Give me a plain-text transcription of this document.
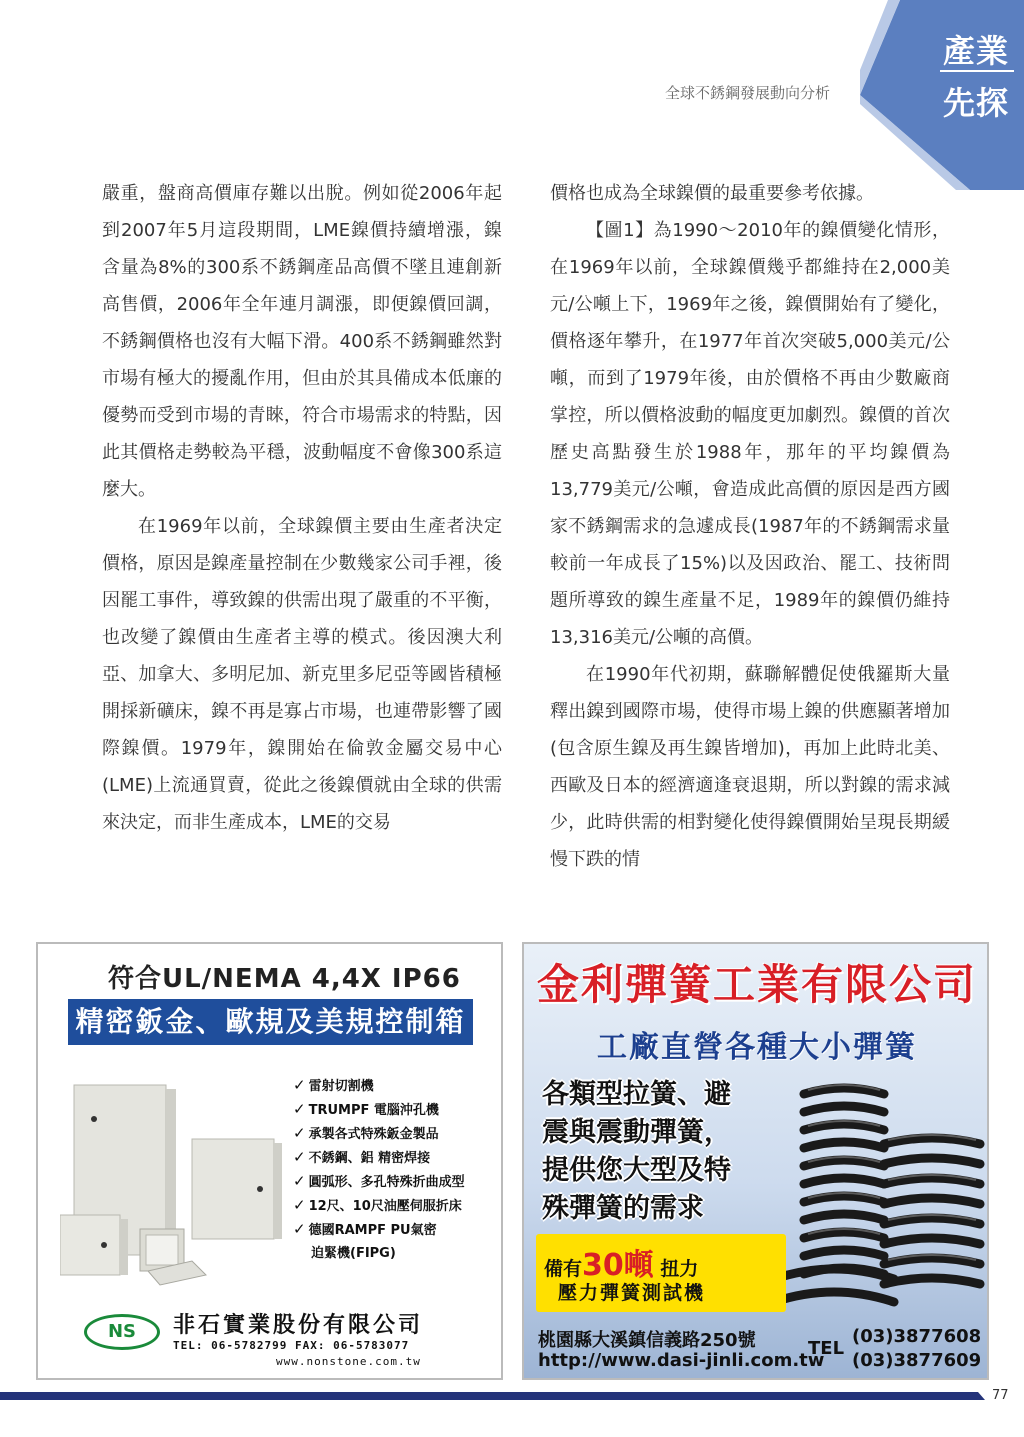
產業
先探
全球不銹鋼發展動向分析

嚴重，盤商高價庫存難以出脫。例如從2006年起到2007年5月這段期間，LME鎳價持續增漲，鎳含量為8%的300系不銹鋼產品高價不墜且連創新高售價，2006年全年連月調漲，即便鎳價回調，不銹鋼價格也沒有大幅下滑。400系不銹鋼雖然對市場有極大的擾亂作用，但由於其具備成本低廉的優勢而受到市場的青睞，符合市場需求的特點，因此其價格走勢較為平穩，波動幅度不會像300系這麼大。

在1969年以前，全球鎳價主要由生產者決定價格，原因是鎳產量控制在少數幾家公司手裡，後因罷工事件，導致鎳的供需出現了嚴重的不平衡，也改變了鎳價由生產者主導的模式。後因澳大利亞、加拿大、多明尼加、新克里多尼亞等國皆積極開採新礦床，鎳不再是寡占市場，也連帶影響了國際鎳價。1979年，鎳開始在倫敦金屬交易中心(LME)上流通買賣，從此之後鎳價就由全球的供需來決定，而非生產成本，LME的交易

價格也成為全球鎳價的最重要參考依據。

【圖1】為1990～2010年的鎳價變化情形，在1969年以前，全球鎳價幾乎都維持在2,000美元/公噸上下，1969年之後，鎳價開始有了變化，價格逐年攀升，在1977年首次突破5,000美元/公噸，而到了1979年後，由於價格不再由少數廠商掌控，所以價格波動的幅度更加劇烈。鎳價的首次歷史高點發生於1988年，那年的平均鎳價為13,779美元/公噸，會造成此高價的原因是西方國家不銹鋼需求的急遽成長(1987年的不銹鋼需求量較前一年成長了15%)以及因政治、罷工、技術問題所導致的鎳生產量不足，1989年的鎳價仍維持13,316美元/公噸的高價。

在1990年代初期，蘇聯解體促使俄羅斯大量釋出鎳到國際市場，使得市場上鎳的供應顯著增加(包含原生鎳及再生鎳皆增加)，再加上此時北美、西歐及日本的經濟適逢衰退期，所以對鎳的需求減少，此時供需的相對變化使得鎳價開始呈現長期緩慢下跌的情

符合UL/NEMA 4,4X IP66
精密鈑金、歐規及美規控制箱
✓ 雷射切割機
✓ TRUMPF 電腦沖孔機
✓ 承製各式特殊鈑金製品
✓ 不銹鋼、鋁 精密焊接
✓ 圓弧形、多孔特殊折曲成型
✓ 12尺、10尺油壓伺服折床
✓ 德國RAMPF PU氣密
迫緊機(FIPG)
NS	非石實業股份有限公司
TEL: 06-5782799 FAX: 06-5783077
www.nonstone.com.tw
金利彈簧工業有限公司
工廠直營各種大小彈簧
各類型拉簧、避
震與震動彈簧，
提供您大型及特
殊彈簧的需求
備有30噸 扭力
壓力彈簧測試機
桃園縣大溪鎮信義路250號
http://www.dasi-jinli.com.tw
TEL
(03)3877608
(03)3877609
77
